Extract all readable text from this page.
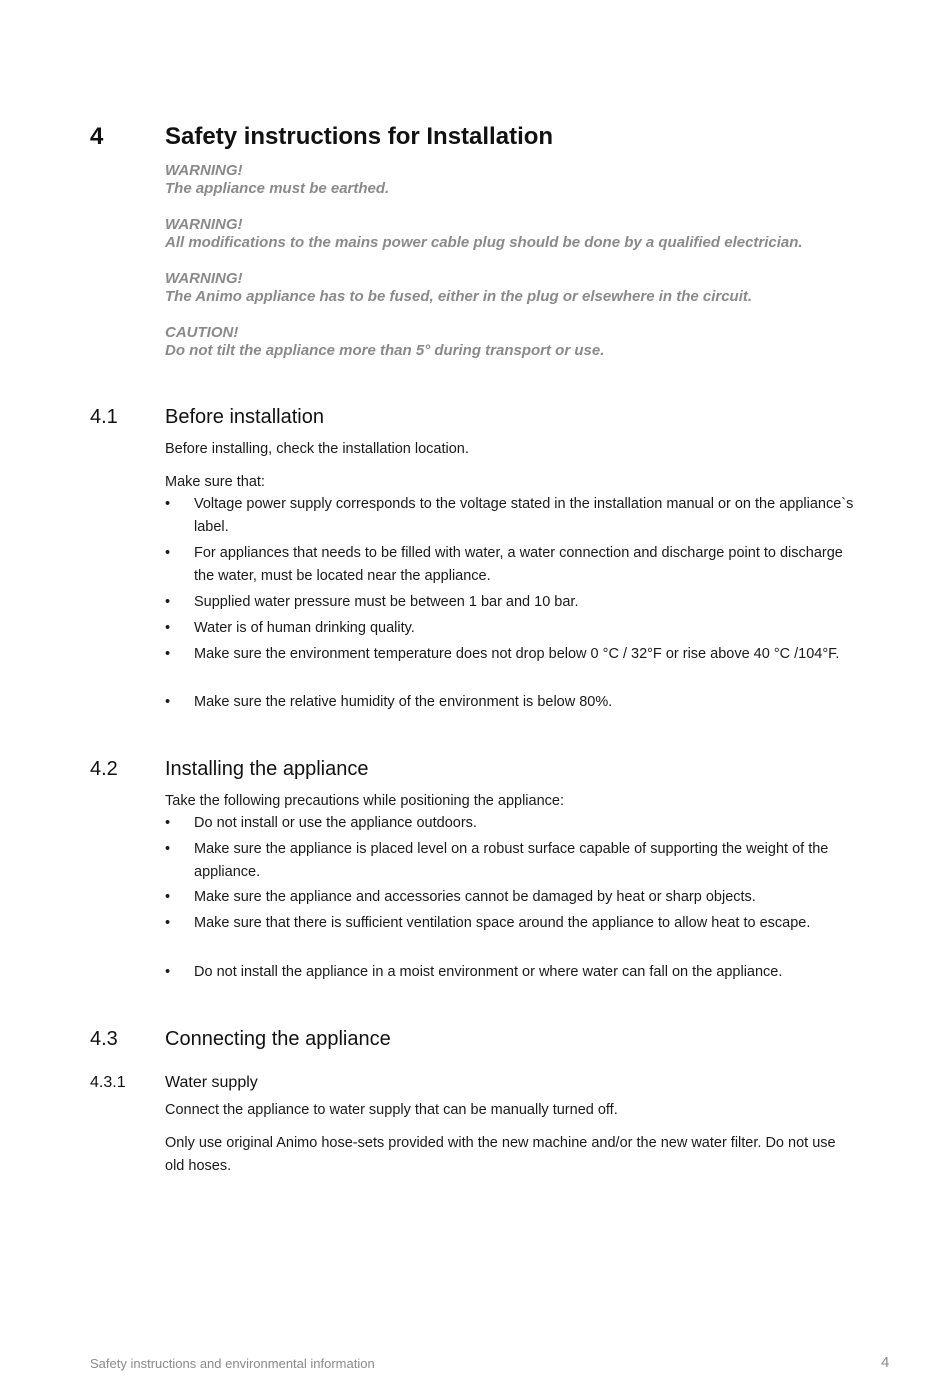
4	Safety instructions for Installation
WARNING!
The appliance must be earthed.
WARNING!
All modifications to the mains power cable plug should be done by a qualified electrician.
WARNING!
The Animo appliance has to be fused, either in the plug or elsewhere in the circuit.
CAUTION!
Do not tilt the appliance more than 5° during transport or use.
4.1 Before installation
Before installing, check the installation location.
Make sure that:
•	Voltage power supply corresponds to the voltage stated in the installation manual or on the appliance`s label.
•	For appliances that needs to be filled with water, a water connection and discharge point to discharge the water, must be located near the appliance.
•	Supplied water pressure must be between 1 bar and 10 bar.
•	Water is of human drinking quality.
•	Make sure the environment temperature does not drop below 0 °C / 32°F or rise above 40 °C /104°F.
•	Make sure the relative humidity of the environment is below 80%.
4.2 Installing the appliance
Take the following precautions while positioning the appliance:
•	Do not install or use the appliance outdoors.
•	Make sure the appliance is placed level on a robust surface capable of supporting the weight of the appliance.
•	Make sure the appliance and accessories cannot be damaged by heat or sharp objects.
•	Make sure that there is sufficient ventilation space around the appliance to allow heat to escape.
•	Do not install the appliance in a moist environment or where water can fall on the appliance.
4.3 Connecting the appliance
4.3.1 Water supply
Connect the appliance to water supply that can be manually turned off.
Only use original Animo hose-sets provided with the new machine and/or the new water filter. Do not use old hoses.
Safety instructions and environmental information	4
